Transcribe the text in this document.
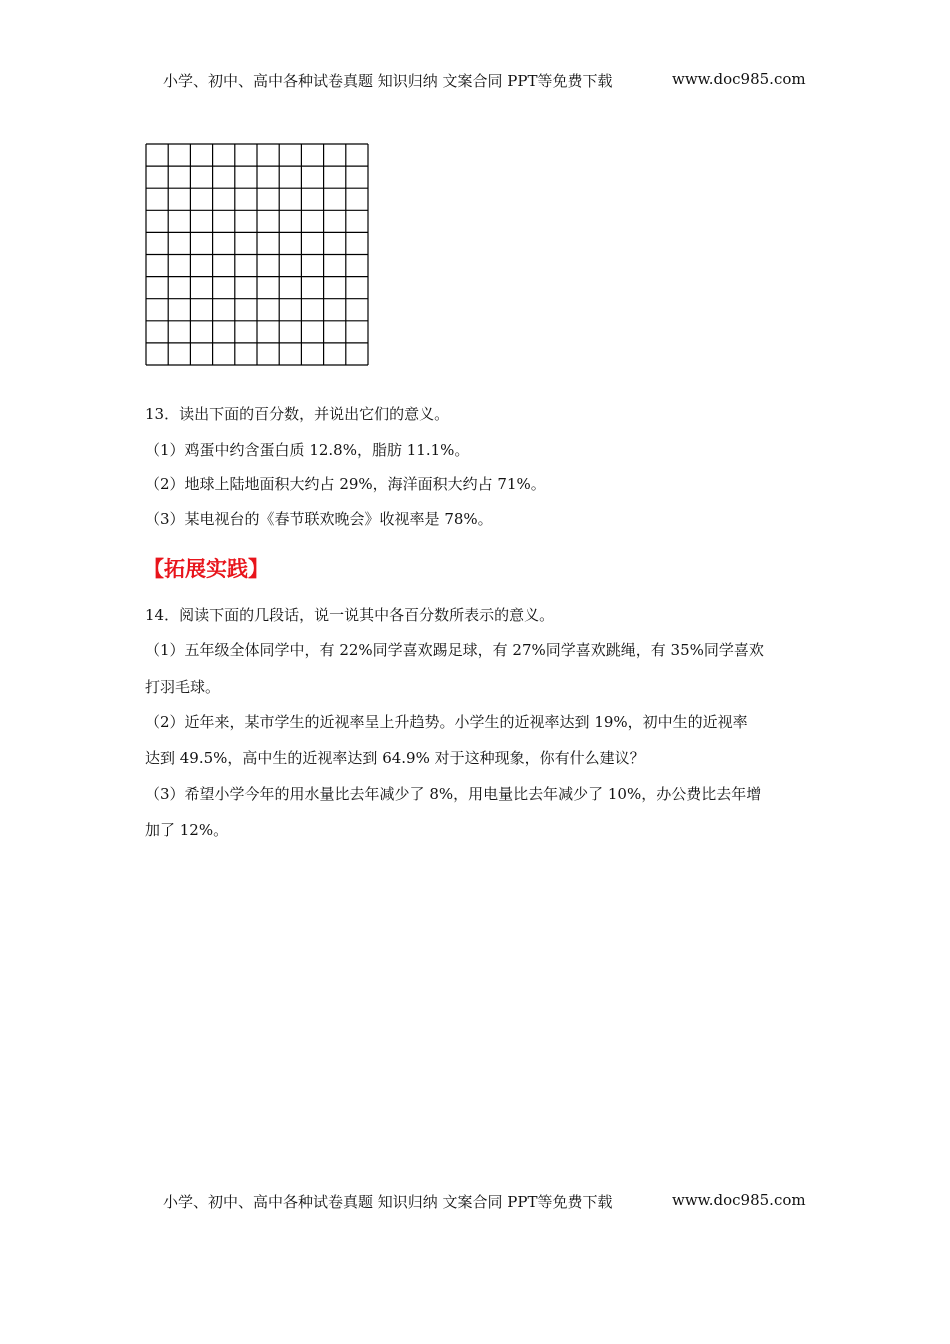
小学、初中、高中各种试卷真题 知识归纳 文案合同 PPT等免费下载	www.doc985.com
13．读出下面的百分数，并说出它们的意义。
（1）鸡蛋中约含蛋白质 12.8%，脂肪 11.1%。
（2）地球上陆地面积大约占 29%，海洋面积大约占 71%。
（3）某电视台的《春节联欢晚会》收视率是 78%。
【拓展实践】
14．阅读下面的几段话，说一说其中各百分数所表示的意义。
（1）五年级全体同学中，有 22%同学喜欢踢足球，有 27%同学喜欢跳绳，有 35%同学喜欢
打羽毛球。
（2）近年来，某市学生的近视率呈上升趋势。小学生的近视率达到 19%，初中生的近视率
达到 49.5%，高中生的近视率达到 64.9% 对于这种现象，你有什么建议？
（3）希望小学今年的用水量比去年减少了 8%，用电量比去年减少了 10%，办公费比去年增
加了 12%。
小学、初中、高中各种试卷真题 知识归纳 文案合同 PPT等免费下载	www.doc985.com
